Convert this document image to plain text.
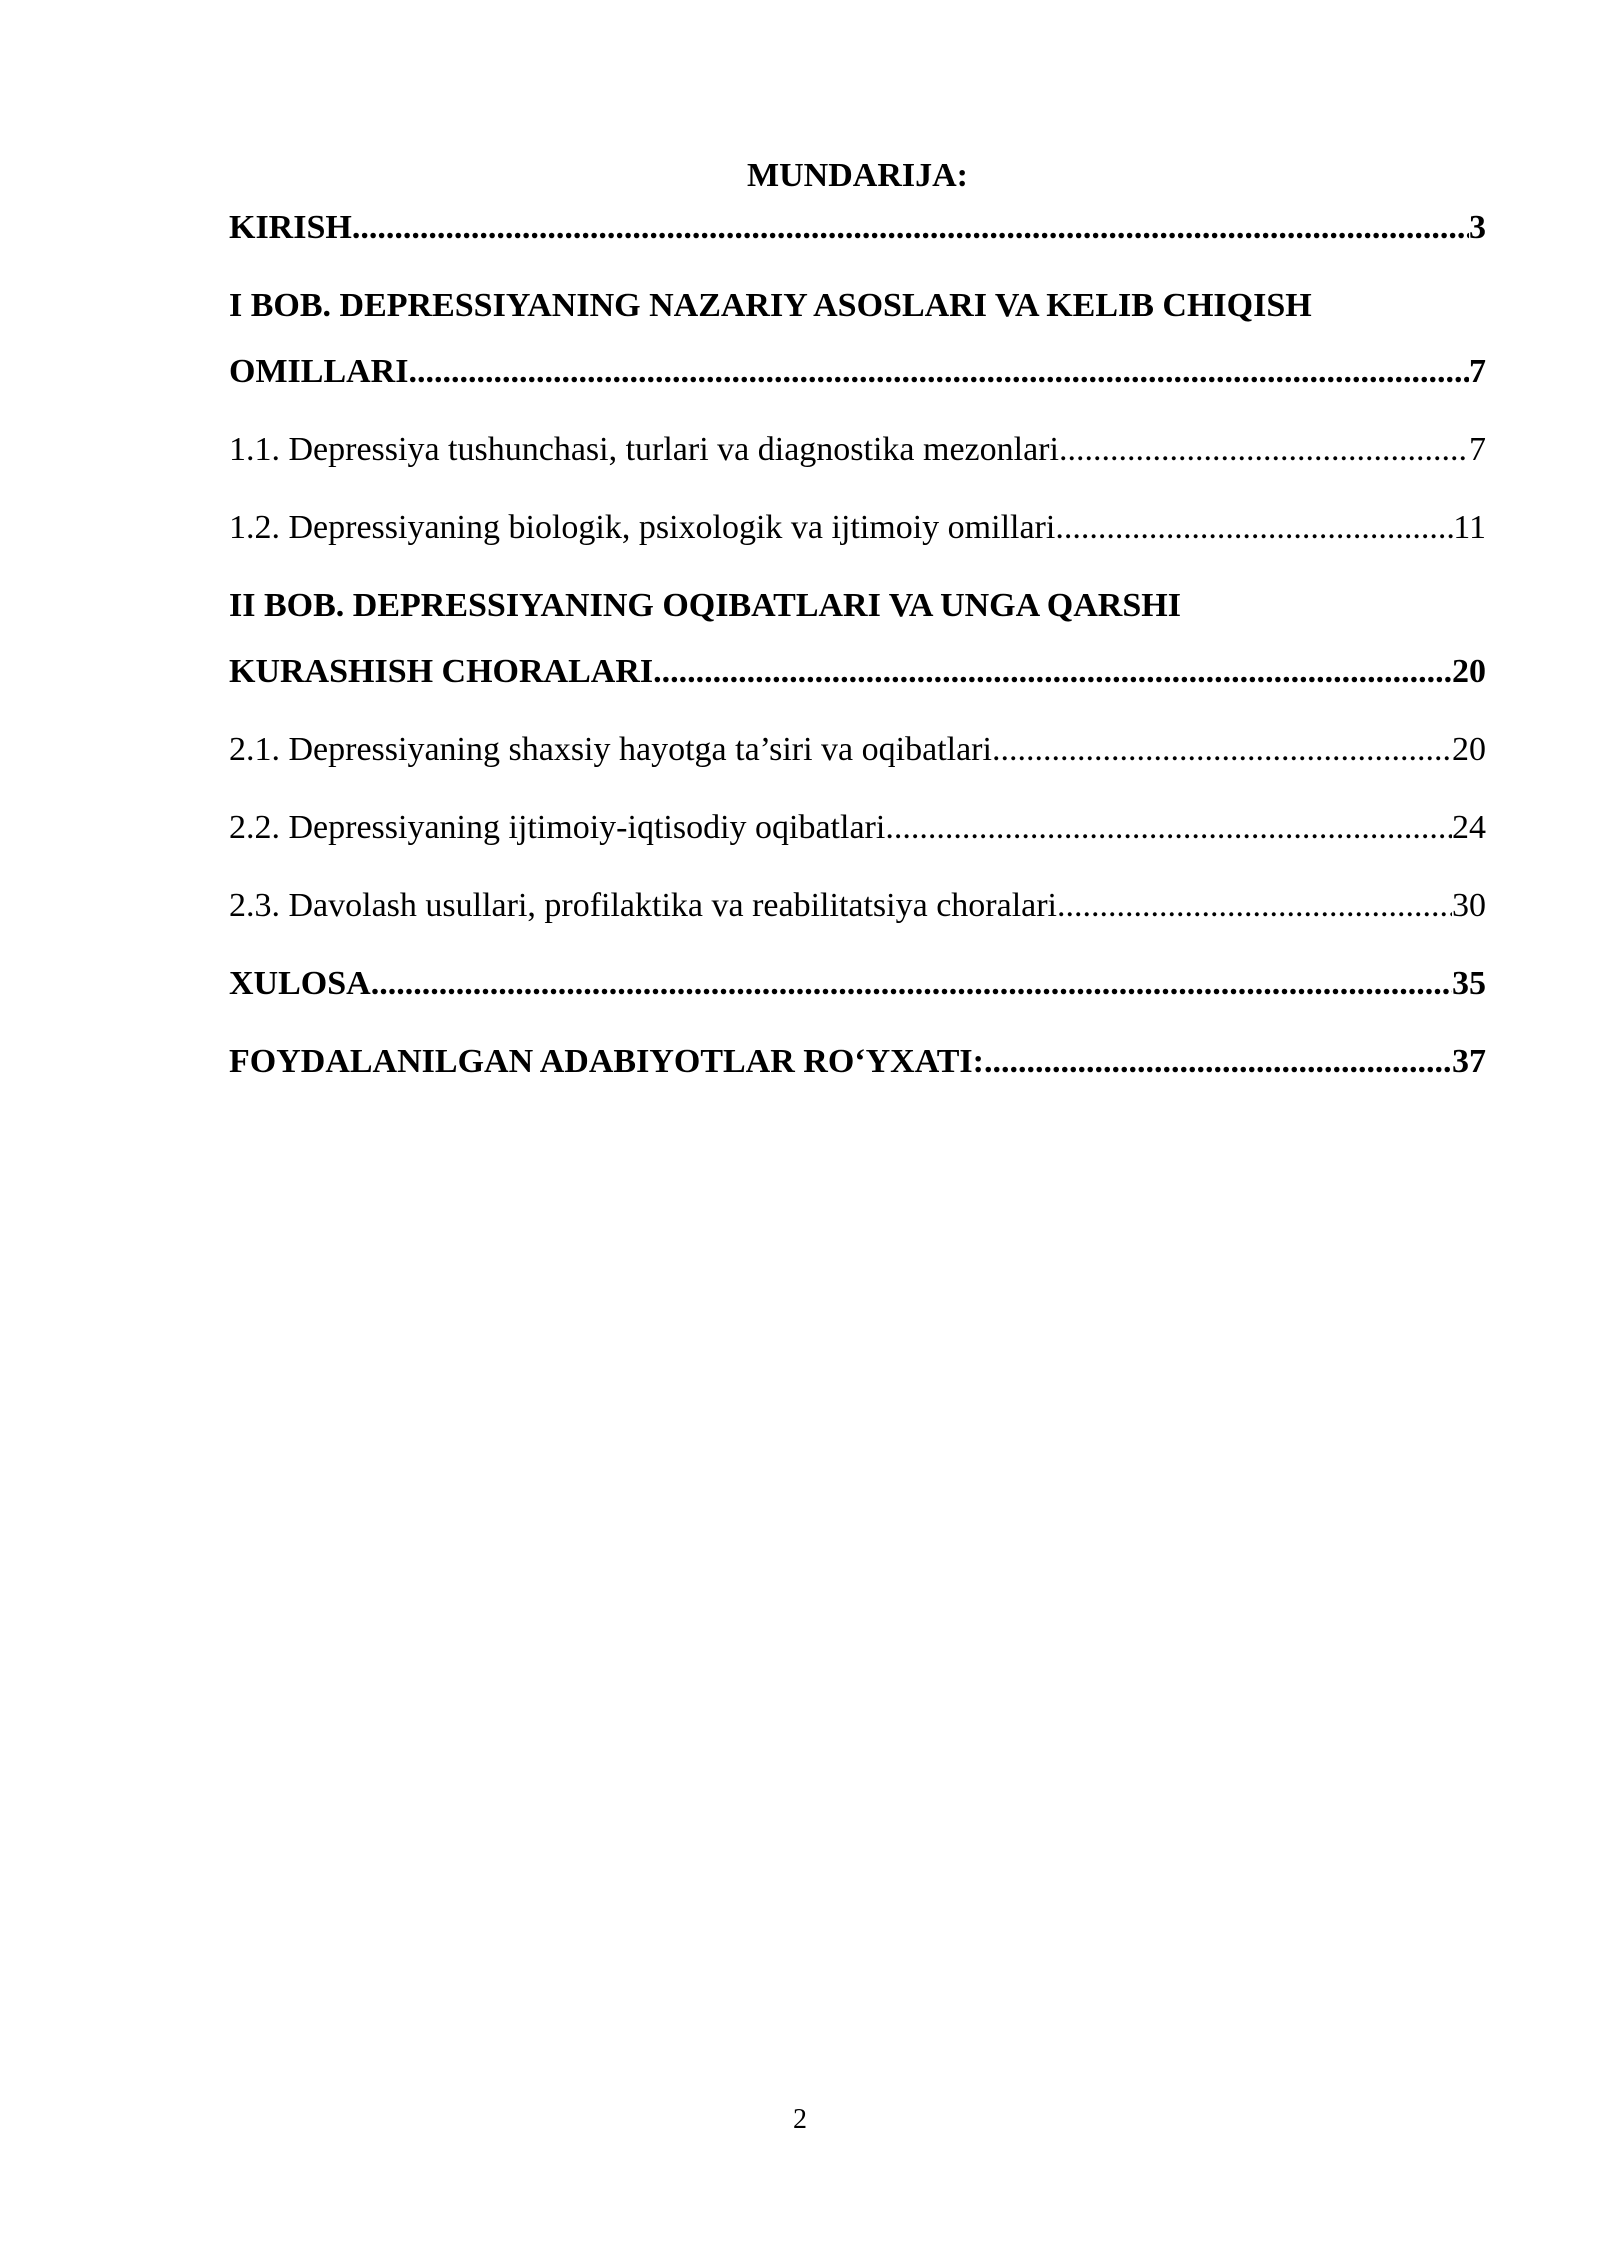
MUNDARIJA:
KIRISH .....	3
I BOB. DEPRESSIYANING NAZARIY ASOSLARI VA KELIB CHIQISH
OMILLARI .....	7
1.1. Depressiya tushunchasi, turlari va diagnostika mezonlari .....	7
1.2. Depressiyaning biologik, psixologik va ijtimoiy omillari .....	11
II BOB. DEPRESSIYANING OQIBATLARI VA UNGA QARSHI
KURASHISH CHORALARI .....	20
2.1. Depressiyaning shaxsiy hayotga ta’siri va oqibatlari .....	20
2.2. Depressiyaning ijtimoiy-iqtisodiy oqibatlari .....	24
2.3. Davolash usullari, profilaktika va reabilitatsiya choralari .....	30
XULOSA .....	35
FOYDALANILGAN ADABIYOTLAR RO‘YXATI: .....	37
2
